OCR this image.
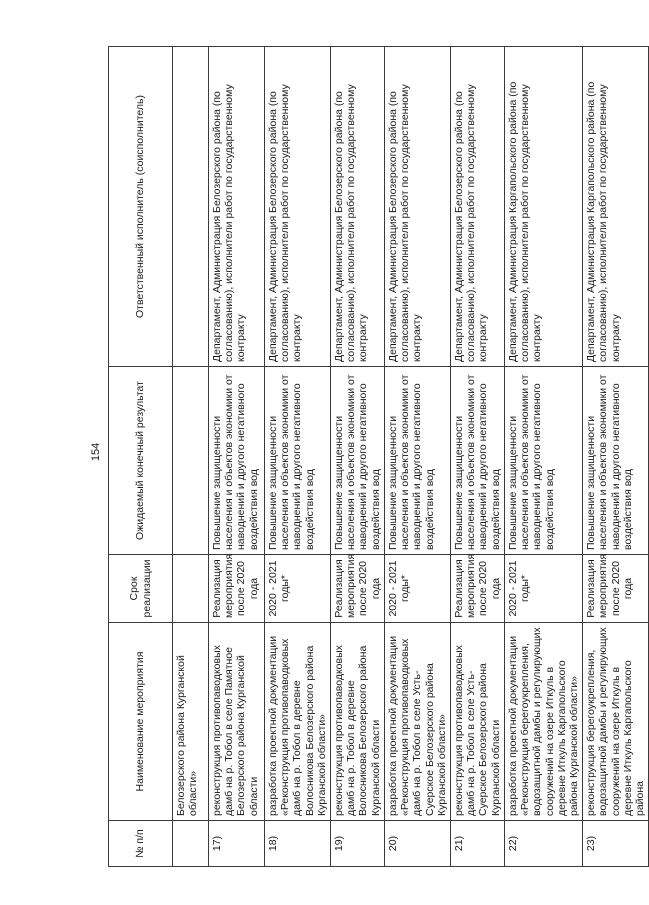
154
№ п/п	Наименование мероприятия	Срок реализации	Ожидаемый конечный результат	Ответственный исполнитель (соисполнитель)
	Белозерского района Курганской области»			
17)	реконструкция противопаводковых дамб на р. Тобол в селе Памятное Белозерского района Курганской области	Реализация мероприятия после 2020 года	Повышение защищенности населения и объектов экономики от наводнений и другого негативного воздействия вод	Департамент, Администрация Белозерского района (по согласованию), исполнители работ по государственному контракту
18)	разработка проектной документации «Реконструкция противопаводковых дамб на р. Тобол в деревне Волосникова Белозерского района Курганской области»	2020 - 2021 годы*	Повышение защищенности населения и объектов экономики от наводнений и другого негативного воздействия вод	Департамент, Администрация Белозерского района (по согласованию), исполнители работ по государственному контракту
19)	реконструкция противопаводковых дамб на р. Тобол в деревне Волосникова Белозерского района Курганской области	Реализация мероприятия после 2020 года	Повышение защищенности населения и объектов экономики от наводнений и другого негативного воздействия вод	Департамент, Администрация Белозерского района (по согласованию), исполнители работ по государственному контракту
20)	разработка проектной документации «Реконструкция противопаводковых дамб на р. Тобол в селе Усть-Суерское Белозерского района Курганской области»	2020 - 2021 годы*	Повышение защищенности населения и объектов экономики от наводнений и другого негативного воздействия вод	Департамент, Администрация Белозерского района (по согласованию), исполнители работ по государственному контракту
21)	реконструкция противопаводковых дамб на р. Тобол в селе Усть-Суерское Белозерского района Курганской области	Реализация мероприятия после 2020 года	Повышение защищенности населения и объектов экономики от наводнений и другого негативного воздействия вод	Департамент, Администрация Белозерского района (по согласованию), исполнители работ по государственному контракту
22)	разработка проектной документации «Реконструкция берегоукрепления, водозащитной дамбы и регулирующих сооружений на озере Иткуль в деревне Иткуль Каргапольского района Курганской области»	2020 - 2021 годы*	Повышение защищенности населения и объектов экономики от наводнений и другого негативного воздействия вод	Департамент, Администрация Каргапольского района (по согласованию), исполнители работ по государственному контракту
23)	реконструкция берегоукрепления, водозащитной дамбы и регулирующих сооружений на озере Иткуль в деревне Иткуль Каргапольского района	Реализация мероприятия после 2020 года	Повышение защищенности населения и объектов экономики от наводнений и другого негативного воздействия вод	Департамент, Администрация Каргапольского района (по согласованию), исполнители работ по государственному контракту
